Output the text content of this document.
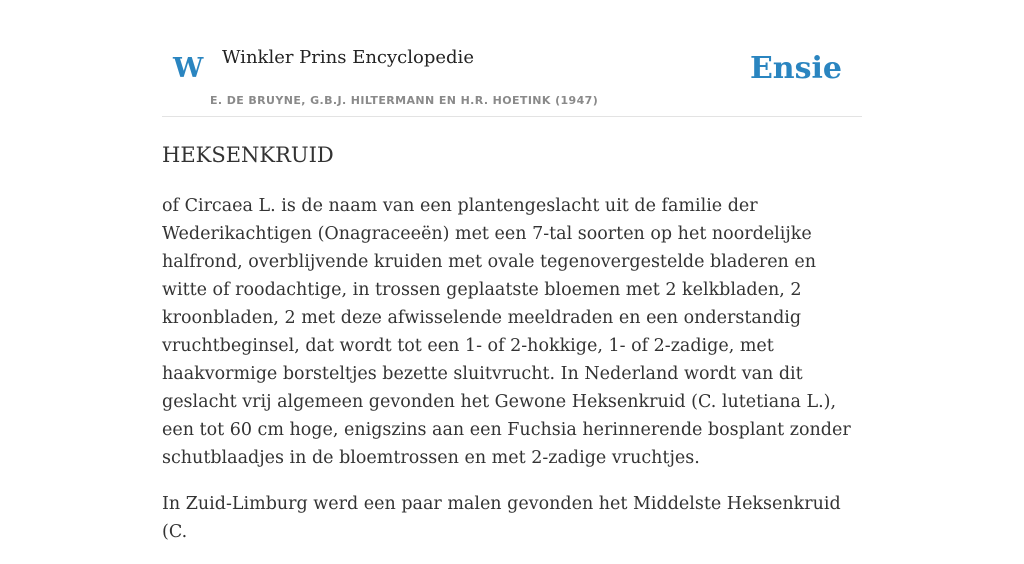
W Winkler Prins Encyclopedie
E. DE BRUYNE, G.B.J. HILTERMANN EN H.R. HOETINK (1947)
Ensie
HEKSENKRUID

of Circaea L. is de naam van een plantengeslacht uit de familie der Wederikachtigen (Onagraceeën) met een 7-tal soorten op het noordelijke halfrond, overblijvende kruiden met ovale tegenovergestelde bladeren en witte of roodachtige, in trossen geplaatste bloemen met 2 kelkbladen, 2 kroonbladen, 2 met deze afwisselende meeldraden en een onderstandig vruchtbeginsel, dat wordt tot een 1- of 2-hokkige, 1- of 2-zadige, met haakvormige borsteltjes bezette sluitvrucht. In Nederland wordt van dit geslacht vrij algemeen gevonden het Gewone Heksenkruid (C. lutetiana L.), een tot 60 cm hoge, enigszins aan een Fuchsia herinnerende bosplant zonder schutblaadjes in de bloemtrossen en met 2-zadige vruchtjes.

In Zuid-Limburg werd een paar malen gevonden het Middelste Heksenkruid (C.
